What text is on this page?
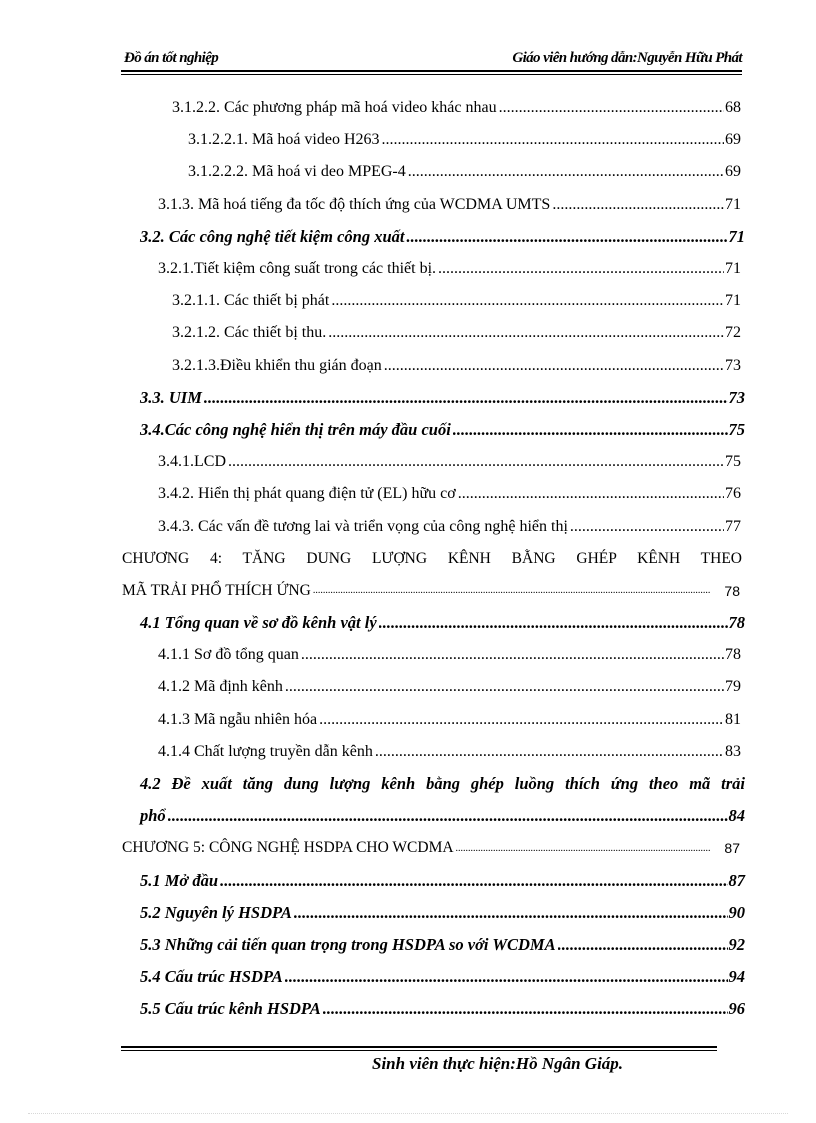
Đồ án tốt nghiệp	Giáo viên hướng dẫn:Nguyễn Hữu Phát
3.1.2.2. Các phương pháp mã hoá video khác nhau .....	68
3.1.2.2.1. Mã hoá video H263 .....	69
3.1.2.2.2. Mã hoá vi deo MPEG-4 .....	69
3.1.3. Mã hoá tiếng đa tốc độ thích ứng của WCDMA UMTS .....	71
3.2. Các công nghệ tiết kiệm công xuất .....	71
3.2.1.Tiết kiệm công suất trong các thiết bị. .....	71
3.2.1.1. Các thiết bị phát .....	71
3.2.1.2. Các thiết bị thu. .....	72
3.2.1.3.Điều khiển thu gián đoạn .....	73
3.3. UIM .....	73
3.4.Các công nghệ hiển thị trên máy đầu cuối .....	75
3.4.1.LCD .....	75
3.4.2. Hiển thị phát quang điện tử (EL) hữu cơ .....	76
3.4.3. Các vấn đề tương lai và triển vọng của công nghệ hiển thị .....	77
CHƯƠNG 4: TĂNG DUNG LƯỢNG KÊNH BẰNG GHÉP KÊNH THEO
MÃ TRẢI PHỔ THÍCH ỨNG .....	78
4.1 Tổng quan về sơ đồ kênh vật lý .....	78
4.1.1 Sơ đồ tổng quan .....	78
4.1.2 Mã định kênh .....	79
4.1.3 Mã ngẫu nhiên hóa .....	81
4.1.4 Chất lượng truyền dẫn kênh .....	83
4.2 Đề xuất tăng dung lượng kênh bằng ghép luồng thích ứng theo mã trải
phổ .....	84
CHƯƠNG 5: CÔNG NGHỆ HSDPA CHO WCDMA .....	87
5.1 Mở đầu .....	87
5.2 Nguyên lý HSDPA .....	90
5.3 Những cải tiến quan trọng trong HSDPA so với WCDMA .....	92
5.4 Cấu trúc HSDPA .....	94
5.5 Cấu trúc kênh HSDPA .....	96
Sinh viên thực hiện:Hồ Ngân Giáp.
